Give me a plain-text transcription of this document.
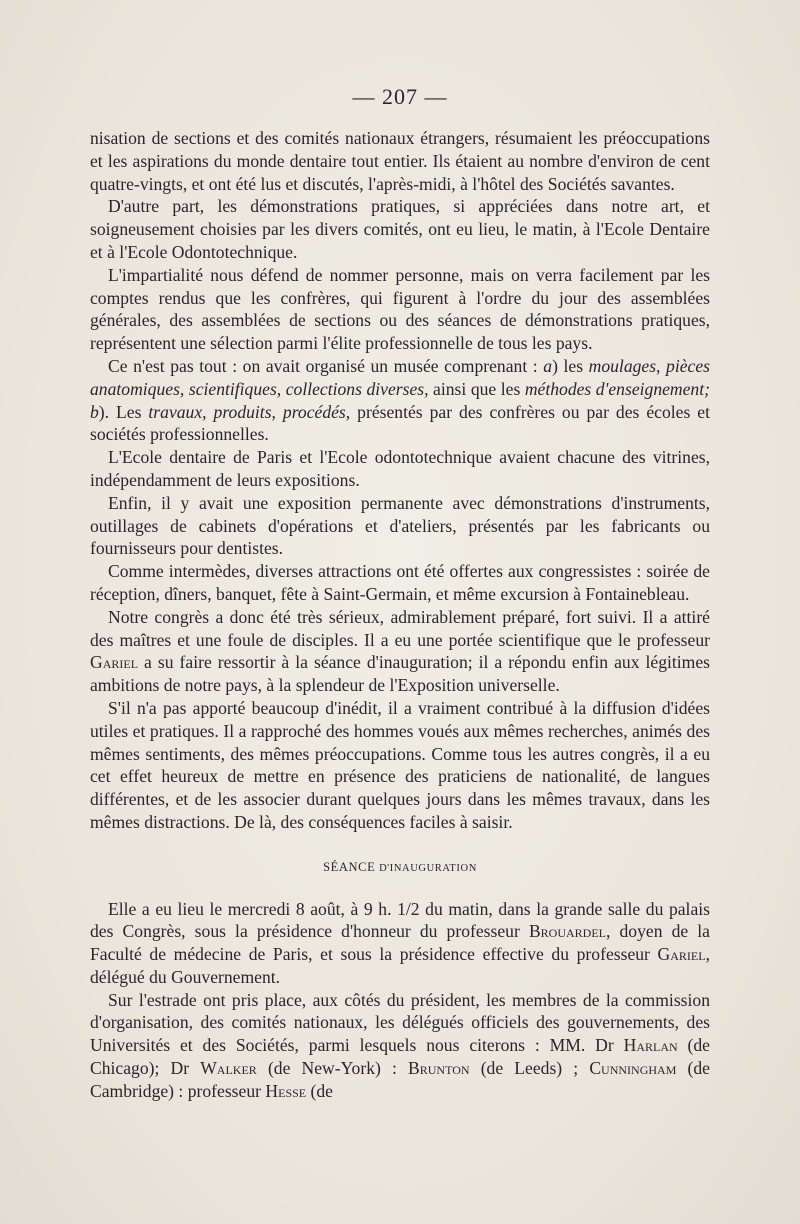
— 207 —

nisation de sections et des comités nationaux étrangers, résumaient les préoccupations et les aspirations du monde dentaire tout entier. Ils étaient au nombre d'environ de cent quatre-vingts, et ont été lus et discutés, l'après-midi, à l'hôtel des Sociétés savantes.

D'autre part, les démonstrations pratiques, si appréciées dans notre art, et soigneusement choisies par les divers comités, ont eu lieu, le matin, à l'Ecole Dentaire et à l'Ecole Odontotechnique.

L'impartialité nous défend de nommer personne, mais on verra facilement par les comptes rendus que les confrères, qui figurent à l'ordre du jour des assemblées générales, des assemblées de sections ou des séances de démonstrations pratiques, représentent une sélection parmi l'élite professionnelle de tous les pays.

Ce n'est pas tout : on avait organisé un musée comprenant : a) les moulages, pièces anatomiques, scientifiques, collections diverses, ainsi que les méthodes d'enseignement; b). Les travaux, produits, procédés, présentés par des confrères ou par des écoles et sociétés professionnelles.

L'Ecole dentaire de Paris et l'Ecole odontotechnique avaient chacune des vitrines, indépendamment de leurs expositions.

Enfin, il y avait une exposition permanente avec démonstrations d'instruments, outillages de cabinets d'opérations et d'ateliers, présentés par les fabricants ou fournisseurs pour dentistes.

Comme intermèdes, diverses attractions ont été offertes aux congressistes : soirée de réception, dîners, banquet, fête à Saint-Germain, et même excursion à Fontainebleau.

Notre congrès a donc été très sérieux, admirablement préparé, fort suivi. Il a attiré des maîtres et une foule de disciples. Il a eu une portée scientifique que le professeur Gariel a su faire ressortir à la séance d'inauguration; il a répondu enfin aux légitimes ambitions de notre pays, à la splendeur de l'Exposition universelle.

S'il n'a pas apporté beaucoup d'inédit, il a vraiment contribué à la diffusion d'idées utiles et pratiques. Il a rapproché des hommes voués aux mêmes recherches, animés des mêmes sentiments, des mêmes préoccupations. Comme tous les autres congrès, il a eu cet effet heureux de mettre en présence des praticiens de nationalité, de langues différentes, et de les associer durant quelques jours dans les mêmes travaux, dans les mêmes distractions. De là, des conséquences faciles à saisir.

SÉANCE D'INAUGURATION

Elle a eu lieu le mercredi 8 août, à 9 h. 1/2 du matin, dans la grande salle du palais des Congrès, sous la présidence d'honneur du professeur Brouardel, doyen de la Faculté de médecine de Paris, et sous la présidence effective du professeur Gariel, délégué du Gouvernement.

Sur l'estrade ont pris place, aux côtés du président, les membres de la commission d'organisation, des comités nationaux, les délégués officiels des gouvernements, des Universités et des Sociétés, parmi lesquels nous citerons : MM. Dr Harlan (de Chicago); Dr Walker (de New-York) : Brunton (de Leeds) ; Cunningham (de Cambridge) : professeur Hesse (de
